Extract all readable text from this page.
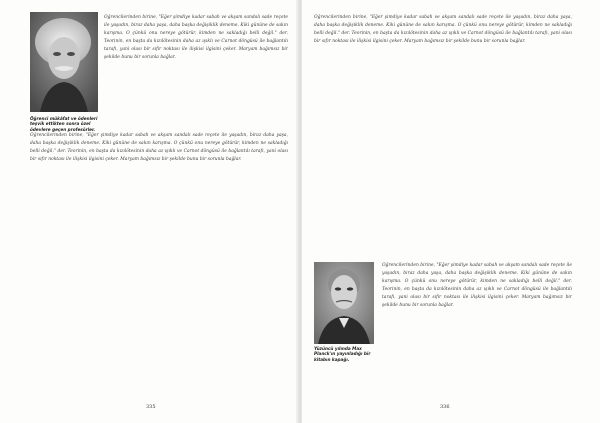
Öğrencilerinden birine, "Eğer şimdiye kadar sabah ve akşam sandalı sade reçete ile yaşadın, biraz daha yaşa, daha başka değişiklik deneme. Kiki gününe de sakın karışma. O çünkü onu nereye götürür, kimden ne sakladığı belli değil." der. Teorinin, en başta da kızılötesinin daha az ışıklı ve Carnot döngüsü ile bağlantılı tarafı, yani olası bir sıfır noktası ile ilişkisi ilgisini çeker. Maryam bağımsız bir şekilde bunu bir sorunla bağlar.
Öğrenci mükâfat ve ödenleri teşvik ettikten sonra özel ödevlere geçen profesörler.
Öğrencilerinden birine, "Eğer şimdiye kadar sabah ve akşam sandalı sade reçete ile yaşadın, biraz daha yaşa, daha başka değişiklik deneme. Kiki gününe de sakın karışma. O çünkü onu nereye götürür, kimden ne sakladığı belli değil." der. Teorinin, en başta da kızılötesinin daha az ışıklı ve Carnot döngüsü ile bağlantılı tarafı, yani olası bir sıfır noktası ile ilişkisi ilgisini çeker. Maryam bağımsız bir şekilde bunu bir sorunla bağlar.
335
Öğrencilerinden birine, "Eğer şimdiye kadar sabah ve akşam sandalı sade reçete ile yaşadın, biraz daha yaşa, daha başka değişiklik deneme. Kiki gününe de sakın karışma. O çünkü onu nereye götürür, kimden ne sakladığı belli değil." der. Teorinin, en başta da kızılötesinin daha az ışıklı ve Carnot döngüsü ile bağlantılı tarafı, yani olası bir sıfır noktası ile ilişkisi ilgisini çeker. Maryam bağımsız bir şekilde bunu bir sorunla bağlar.
Yüzüncü yılında Max Planck'ın yayınladığı bir kitabın kapağı.
Öğrencilerinden birine, "Eğer şimdiye kadar sabah ve akşam sandalı sade reçete ile yaşadın, biraz daha yaşa, daha başka değişiklik deneme. Kiki gününe de sakın karışma. O çünkü onu nereye götürür, kimden ne sakladığı belli değil." der. Teorinin, en başta da kızılötesinin daha az ışıklı ve Carnot döngüsü ile bağlantılı tarafı, yani olası bir sıfır noktası ile ilişkisi ilgisini çeker. Maryam bağımsız bir şekilde bunu bir sorunla bağlar.
336
